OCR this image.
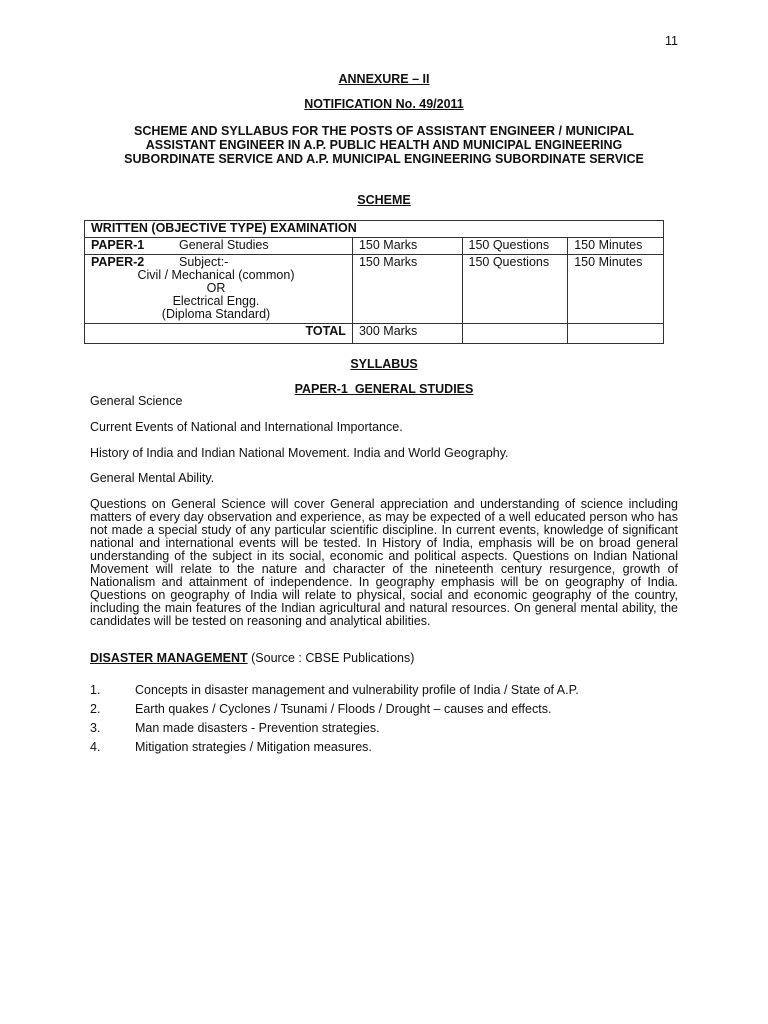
11
ANNEXURE – II
NOTIFICATION No. 49/2011
SCHEME AND SYLLABUS FOR THE POSTS OF ASSISTANT ENGINEER / MUNICIPAL
ASSISTANT ENGINEER IN A.P. PUBLIC HEALTH AND MUNICIPAL ENGINEERING
SUBORDINATE SERVICE AND A.P. MUNICIPAL ENGINEERING SUBORDINATE SERVICE
SCHEME
WRITTEN (OBJECTIVE TYPE) EXAMINATION			
PAPER-1 General Studies	150 Marks	150 Questions	150 Minutes

PAPER-2 Subject:-
Civil / Mechanical (common)
OR
Electrical Engg.
(Diploma Standard)	150 Marks	150 Questions	150 Minutes
TOTAL	300 Marks		
SYLLABUS
PAPER-1  GENERAL STUDIES
General Science
Current Events of National and International Importance.
History of India and Indian National Movement. India and World Geography.
General Mental Ability.
Questions on General Science will cover General appreciation and understanding of science including matters of every day observation and experience, as may be expected of a well educated person who has not made a special study of any particular scientific discipline. In current events, knowledge of significant national and international events will be tested. In History of India, emphasis will be on broad general understanding of the subject in its social, economic and political aspects. Questions on Indian National Movement will relate to the nature and character of the nineteenth century resurgence, growth of Nationalism and attainment of independence. In geography emphasis will be on geography of India. Questions on geography of India will relate to physical, social and economic geography of the country, including the main features of the Indian agricultural and natural resources. On general mental ability, the candidates will be tested on reasoning and analytical abilities.
DISASTER MANAGEMENT (Source : CBSE Publications)
1.	Concepts in disaster management and vulnerability profile of India / State of A.P.
2.	Earth quakes / Cyclones / Tsunami / Floods / Drought – causes and effects.
3.	Man made disasters - Prevention strategies.
4.	Mitigation strategies / Mitigation measures.
